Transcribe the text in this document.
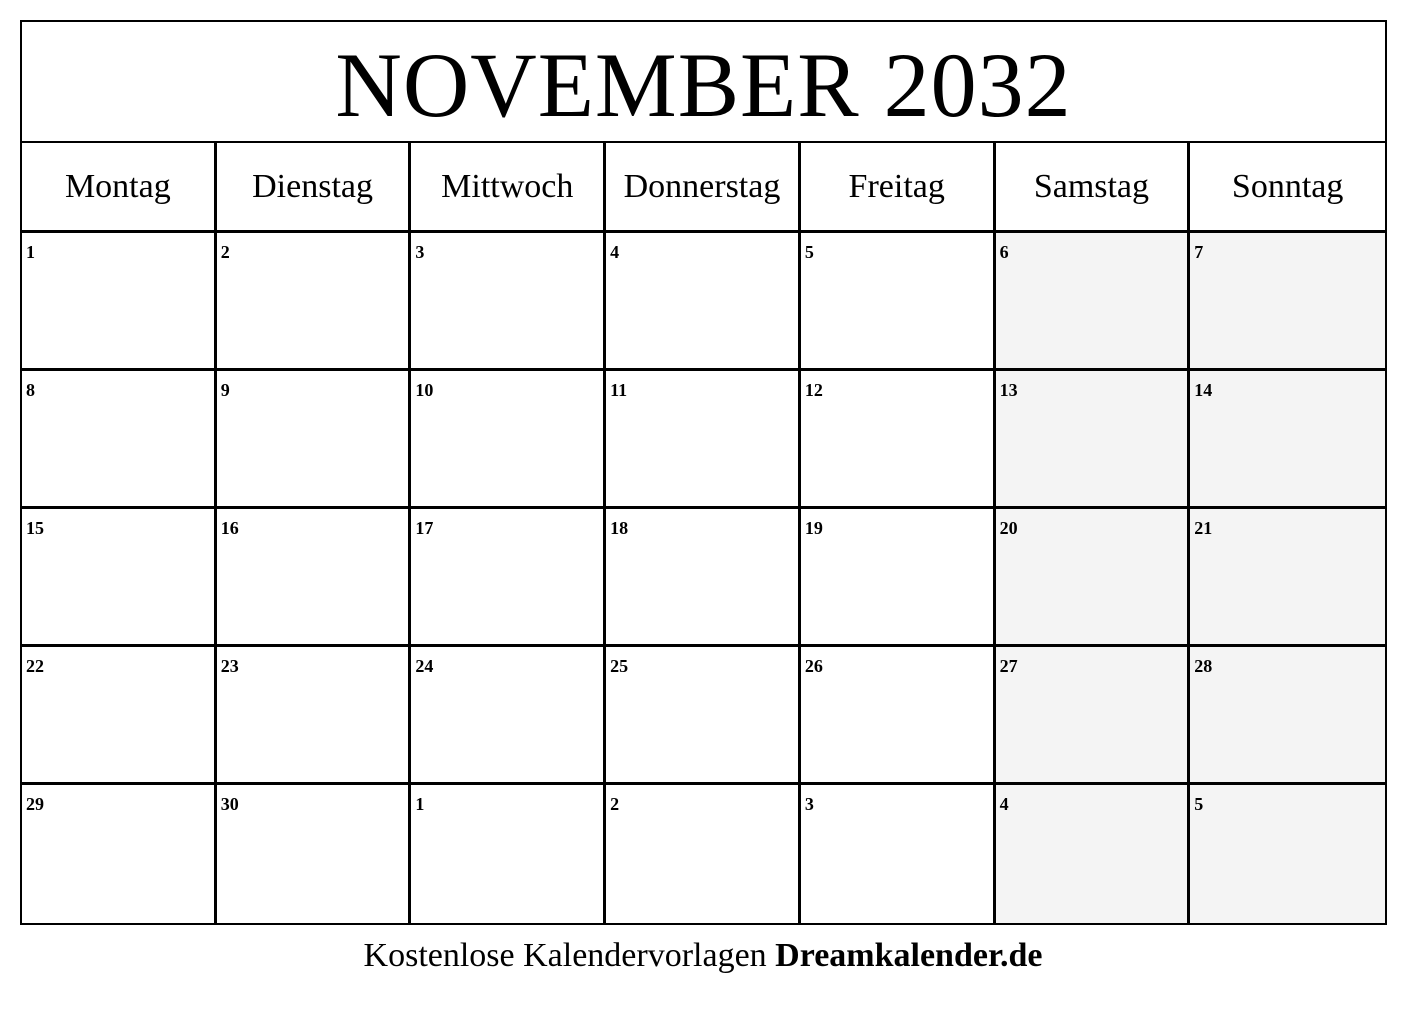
NOVEMBER 2032
Montag	Dienstag	Mittwoch	Donnerstag	Freitag	Samstag	Sonntag
1	2	3	4	5	6	7
8	9	10	11	12	13	14
15	16	17	18	19	20	21
22	23	24	25	26	27	28
29	30	1	2	3	4	5
Kostenlose Kalendervorlagen Dreamkalender.de
